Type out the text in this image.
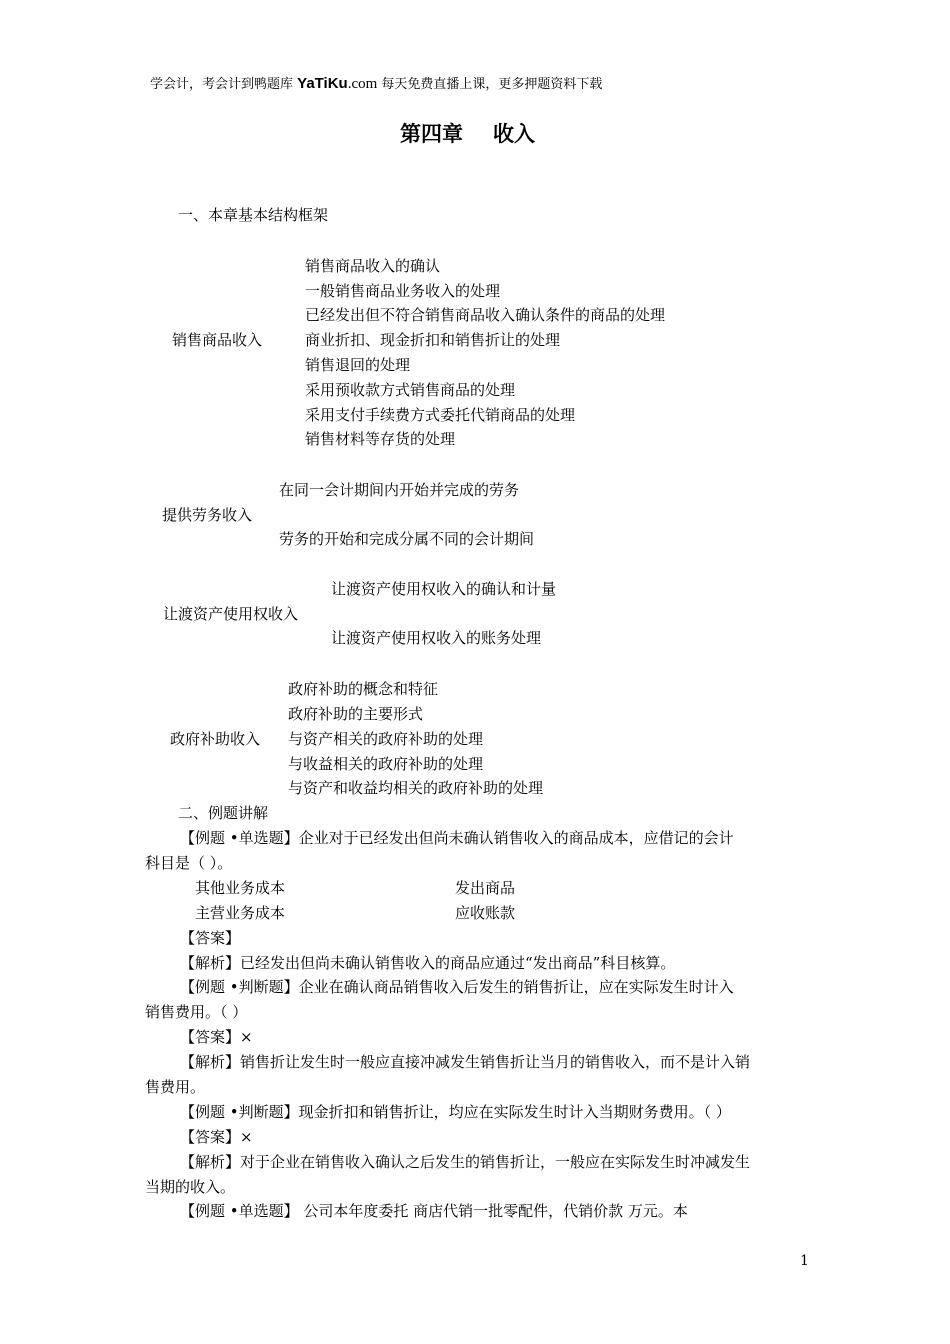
学会计，考会计到鸭题库 YaTiKu.com 每天免费直播上课，更多押题资料下载
第四章 收入
一、本章基本结构框架
销售商品收入
销售商品收入的确认
一般销售商品业务收入的处理
已经发出但不符合销售商品收入确认条件的商品的处理
商业折扣、现金折扣和销售折让的处理
销售退回的处理
采用预收款方式销售商品的处理
采用支付手续费方式委托代销商品的处理
销售材料等存货的处理
提供劳务收入
在同一会计期间内开始并完成的劳务
劳务的开始和完成分属不同的会计期间
让渡资产使用权收入
让渡资产使用权收入的确认和计量
让渡资产使用权收入的账务处理
政府补助收入
政府补助的概念和特征
政府补助的主要形式
与资产相关的政府补助的处理
与收益相关的政府补助的处理
与资产和收益均相关的政府补助的处理
二、例题讲解
【例题 •单选题】企业对于已经发出但尚未确认销售收入的商品成本，应借记的会计
科目是（ ）。
其他业务成本	发出商品
主营业务成本	应收账款
【答案】
【解析】已经发出但尚未确认销售收入的商品应通过“发出商品”科目核算。
【例题 •判断题】企业在确认商品销售收入后发生的销售折让，应在实际发生时计入
销售费用。（ ）
【答案】×
【解析】销售折让发生时一般应直接冲减发生销售折让当月的销售收入，而不是计入销
售费用。
【例题 •判断题】现金折扣和销售折让，均应在实际发生时计入当期财务费用。（ ）
【答案】×
【解析】对于企业在销售收入确认之后发生的销售折让，一般应在实际发生时冲减发生
当期的收入。
【例题 •单选题】 公司本年度委托 商店代销一批零配件，代销价款 万元。本
1
